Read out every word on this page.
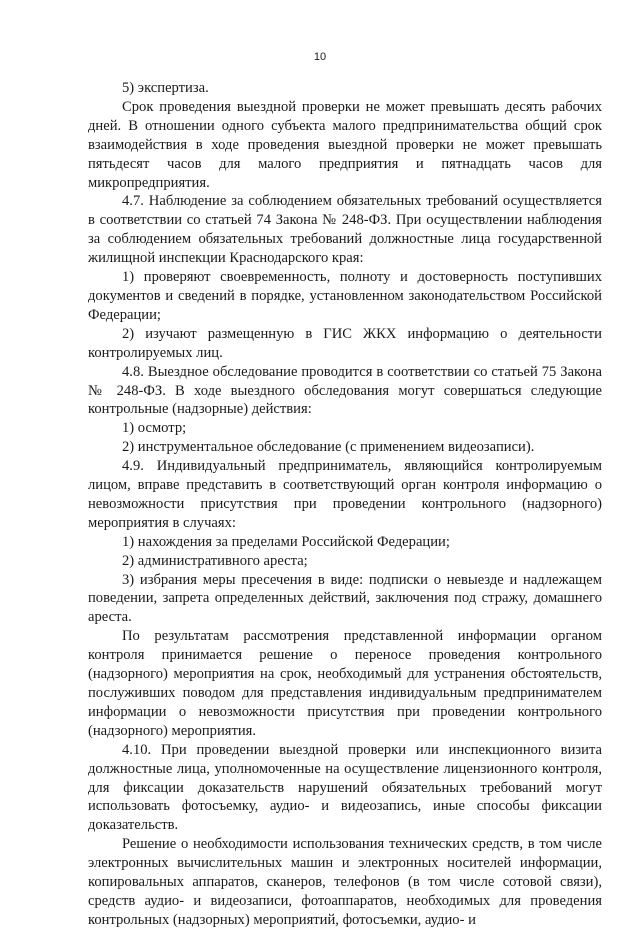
10

5) экспертиза.

Срок проведения выездной проверки не может превышать десять рабочих дней. В отношении одного субъекта малого предпринимательства общий срок взаимодействия в ходе проведения выездной проверки не может превышать пятьдесят часов для малого предприятия и пятнадцать часов для микропредприятия.

4.7. Наблюдение за соблюдением обязательных требований осуществляется в соответствии со статьей 74 Закона № 248-ФЗ. При осуществлении наблюдения за соблюдением обязательных требований должностные лица государственной жилищной инспекции Краснодарского края:

1) проверяют своевременность, полноту и достоверность поступивших документов и сведений в порядке, установленном законодательством Российской Федерации;

2) изучают размещенную в ГИС ЖКХ информацию о деятельности контролируемых лиц.

4.8. Выездное обследование проводится в соответствии со статьей 75 Закона № 248-ФЗ. В ходе выездного обследования могут совершаться следующие контрольные (надзорные) действия:

1) осмотр;

2) инструментальное обследование (с применением видеозаписи).

4.9. Индивидуальный предприниматель, являющийся контролируемым лицом, вправе представить в соответствующий орган контроля информацию о невозможности присутствия при проведении контрольного (надзорного) мероприятия в случаях:

1) нахождения за пределами Российской Федерации;

2) административного ареста;

3) избрания меры пресечения в виде: подписки о невыезде и надлежащем поведении, запрета определенных действий, заключения под стражу, домашнего ареста.

По результатам рассмотрения представленной информации органом контроля принимается решение о переносе проведения контрольного (надзорного) мероприятия на срок, необходимый для устранения обстоятельств, послуживших поводом для представления индивидуальным предпринимателем информации о невозможности присутствия при проведении контрольного (надзорного) мероприятия.

4.10. При проведении выездной проверки или инспекционного визита должностные лица, уполномоченные на осуществление лицензионного контроля, для фиксации доказательств нарушений обязательных требований могут использовать фотосъемку, аудио- и видеозапись, иные способы фиксации доказательств.

Решение о необходимости использования технических средств, в том числе электронных вычислительных машин и электронных носителей информации, копировальных аппаратов, сканеров, телефонов (в том числе сотовой связи), средств аудио- и видеозаписи, фотоаппаратов, необходимых для проведения контрольных (надзорных) мероприятий, фотосъемки, аудио- и
